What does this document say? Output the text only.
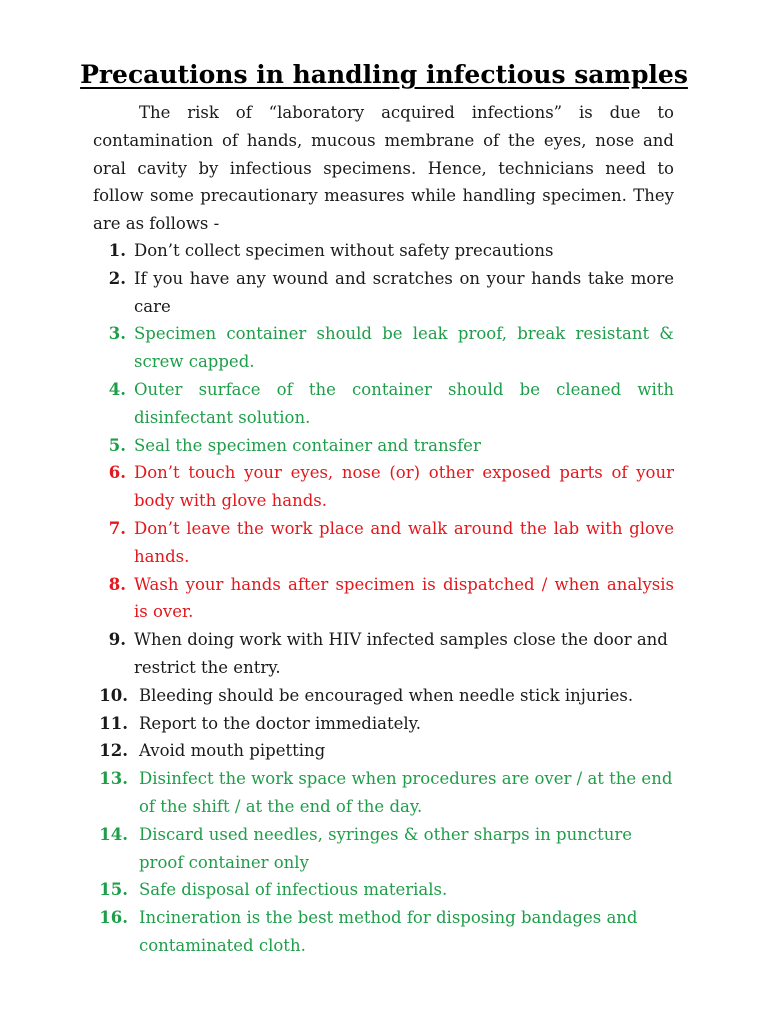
Precautions in handling infectious samples

The risk of “laboratory acquired infections” is due to contamination of hands, mucous membrane of the eyes, nose and oral cavity by infectious specimens. Hence, technicians need to follow some precautionary measures while handling specimen. They are as follows -

1. Don’t collect specimen without safety precautions
2. If you have any wound and scratches on your hands take more care
3. Specimen container should be leak proof, break resistant & screw capped.
4. Outer surface of the container should be cleaned with disinfectant solution.
5. Seal the specimen container and transfer
6. Don’t touch your eyes, nose (or) other exposed parts of your body with glove hands.
7. Don’t leave the work place and walk around the lab with glove hands.
8. Wash your hands after specimen is dispatched / when analysis is over.
9. When doing work with HIV infected samples close the door and restrict the entry.
10. Bleeding should be encouraged when needle stick injuries.
11. Report to the doctor immediately.
12. Avoid mouth pipetting
13. Disinfect the work space when procedures are over / at the end of the shift / at the end of the day.
14. Discard used needles, syringes & other sharps in puncture proof container only
15. Safe disposal of infectious materials.
16. Incineration is the best method for disposing bandages and contaminated cloth.
